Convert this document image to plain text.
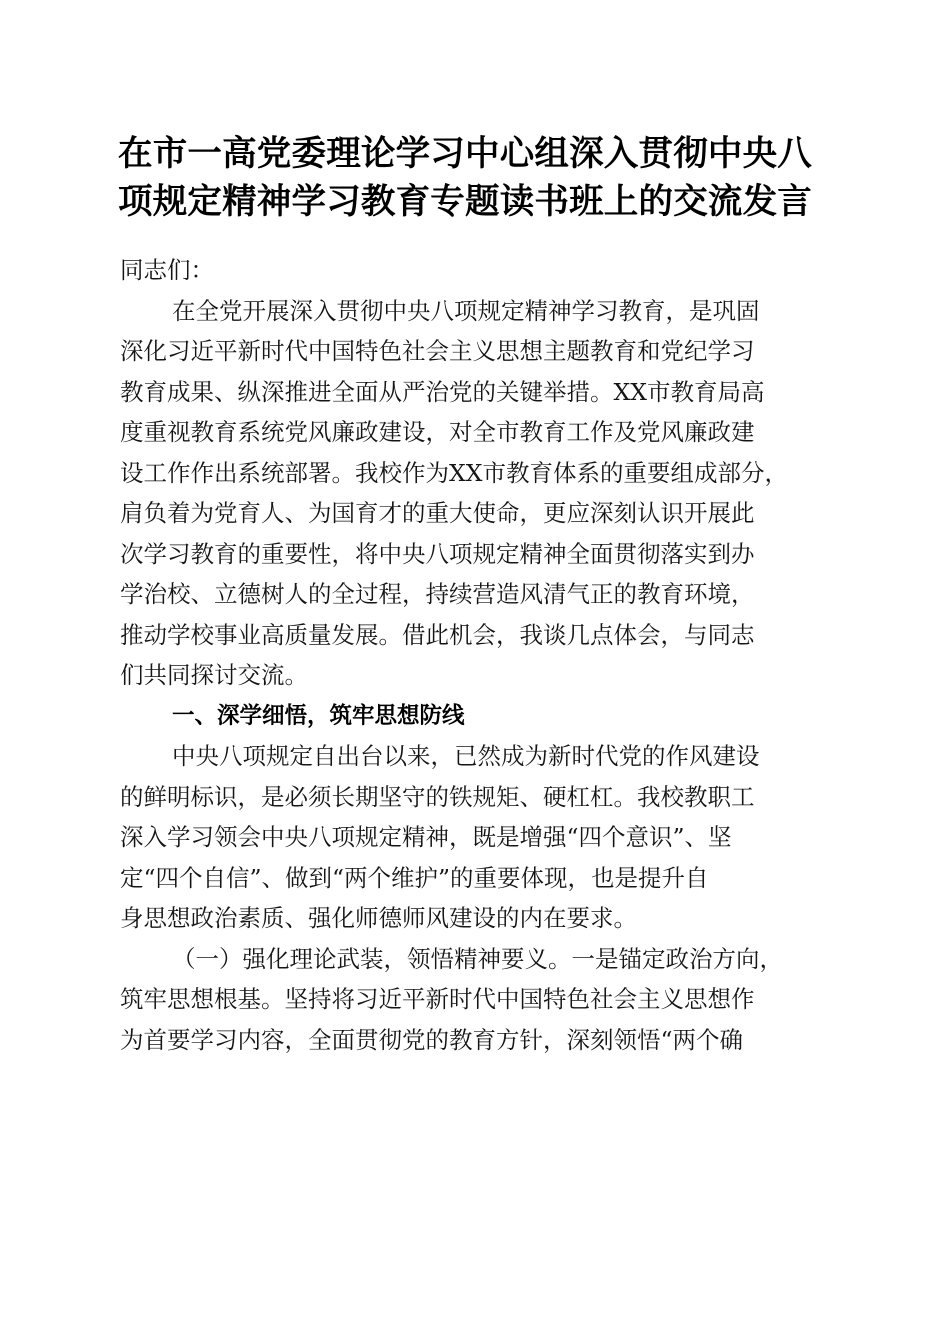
在市一高党委理论学习中心组深入贯彻中央八
项规定精神学习教育专题读书班上的交流发言
同志们：
在全党开展深入贯彻中央八项规定精神学习教育，是巩固
深化习近平新时代中国特色社会主义思想主题教育和党纪学习
教育成果、纵深推进全面从严治党的关键举措。XX市教育局高
度重视教育系统党风廉政建设，对全市教育工作及党风廉政建
设工作作出系统部署。我校作为XX市教育体系的重要组成部分，
肩负着为党育人、为国育才的重大使命，更应深刻认识开展此
次学习教育的重要性，将中央八项规定精神全面贯彻落实到办
学治校、立德树人的全过程，持续营造风清气正的教育环境，
推动学校事业高质量发展。借此机会，我谈几点体会，与同志
们共同探讨交流。
一、深学细悟，筑牢思想防线
中央八项规定自出台以来，已然成为新时代党的作风建设
的鲜明标识，是必须长期坚守的铁规矩、硬杠杠。我校教职工
深入学习领会中央八项规定精神，既是增强“四个意识”、坚
定“四个自信”、做到“两个维护”的重要体现，也是提升自
身思想政治素质、强化师德师风建设的内在要求。
（一）强化理论武装，领悟精神要义。一是锚定政治方向，
筑牢思想根基。坚持将习近平新时代中国特色社会主义思想作
为首要学习内容，全面贯彻党的教育方针，深刻领悟“两个确
